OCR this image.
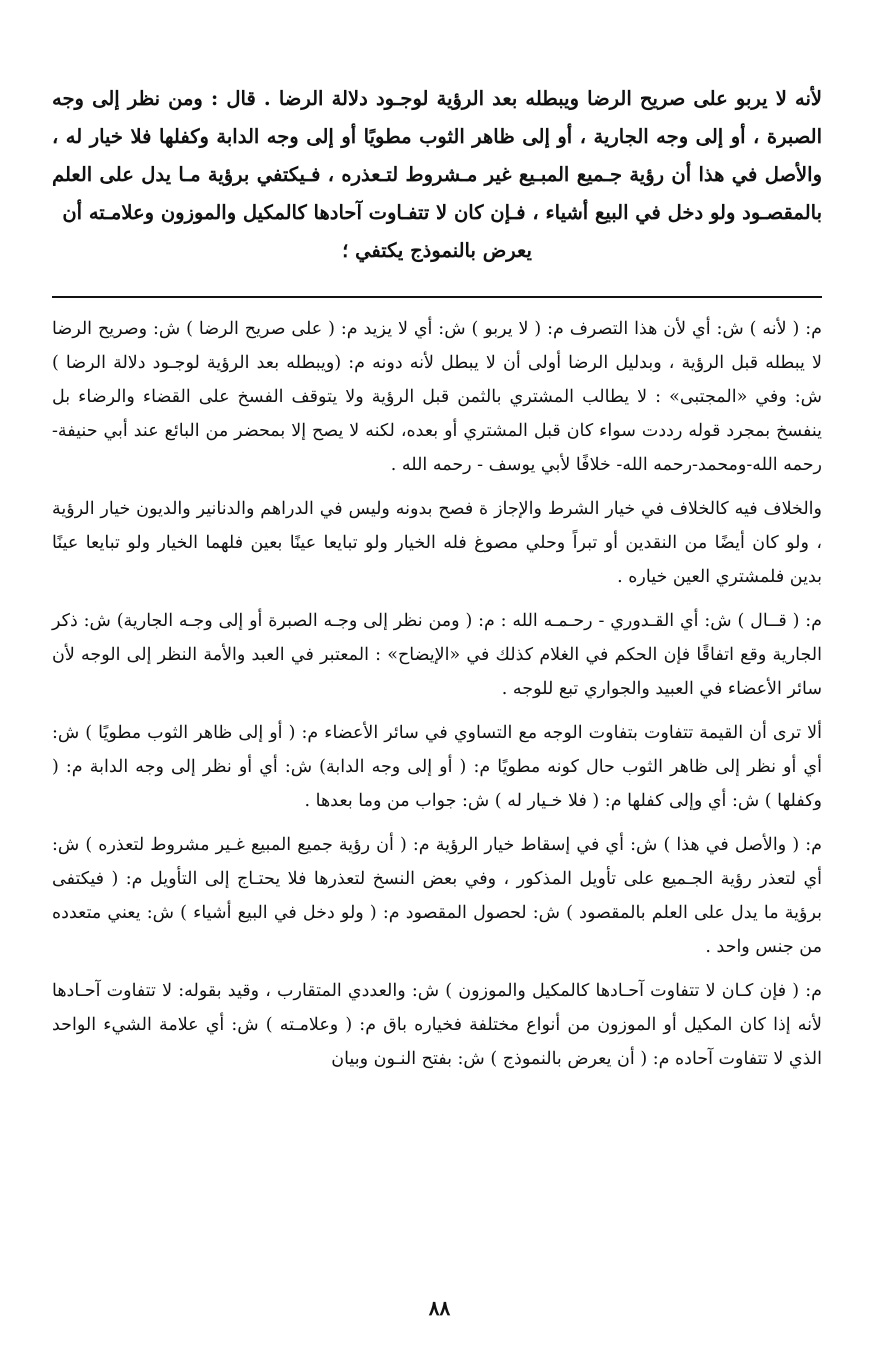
لأنه لا يربو على صريح الرضا ويبطله بعد الرؤية لوجـود دلالة الرضا . قال : ومن نظر إلى وجه الصبرة ، أو إلى وجه الجارية ، أو إلى ظاهر الثوب مطويًا أو إلى وجه الدابة وكفلها فلا خيار له ، والأصل في هذا أن رؤية جـميع المبـيع غير مـشروط لتـعذره ، فـيكتفي برؤية مـا يدل على العلم بالمقصـود ولو دخل في البيع أشياء ، فـإن كان لا تتفـاوت آحادها كالمكيل والموزون وعلامـته أن

يعرض بالنموذج يكتفي ؛

م: ( لأنه ) ش: أي لأن هذا التصرف م: ( لا يربو ) ش: أي لا يزيد م: ( على صريح الرضا ) ش: وصريح الرضا لا يبطله قبل الرؤية ، وبدليل الرضا أولى أن لا يبطل لأنه دونه م: (ويبطله بعد الرؤية لوجـود دلالة الرضا ) ش: وفي «المجتبى» : لا يطالب المشتري بالثمن قبل الرؤية ولا يتوقف الفسخ على القضاء والرضاء بل ينفسخ بمجرد قوله رددت سواء كان قبل المشتري أو بعده، لكنه لا يصح إلا بمحضر من البائع عند أبي حنيفة-رحمه الله-ومحمد-رحمه الله- خلافًا لأبي يوسف - رحمه الله .

والخلاف فيه كالخلاف في خيار الشرط والإجاز ة فصح بدونه وليس في الدراهم والدنانير والديون خيار الرؤية ، ولو كان أيضًا من النقدين أو تبراً وحلي مصوغ فله الخيار ولو تبايعا عينًا بعين فلهما الخيار ولو تبايعا عينًا بدين فلمشتري العين خياره .

م: ( قــال ) ش: أي القـدوري - رحـمـه الله : م: ( ومن نظر إلى وجـه الصبرة أو إلى وجـه الجارية) ش: ذكر الجارية وقع اتفاقًا فإن الحكم في الغلام كذلك في «الإيضاح» : المعتبر في العبد والأمة النظر إلى الوجه لأن سائر الأعضاء في العبيد والجواري تبع للوجه .

ألا ترى أن القيمة تتفاوت بتفاوت الوجه مع التساوي في سائر الأعضاء م: ( أو إلى ظاهر الثوب مطويًا ) ش: أي أو نظر إلى ظاهر الثوب حال كونه مطويًا م: ( أو إلى وجه الدابة) ش: أي أو نظر إلى وجه الدابة م: ( وكفلها ) ش: أي وإلى كفلها م: ( فلا خـيار له ) ش: جواب من وما بعدها .

م: ( والأصل في هذا ) ش: أي في إسقاط خيار الرؤية م: ( أن رؤية جميع المبيع غـير مشروط لتعذره ) ش: أي لتعذر رؤية الجـميع على تأويل المذكور ، وفي بعض النسخ لتعذرها فلا يحتـاج إلى التأويل م: ( فيكتفى برؤية ما يدل على العلم بالمقصود ) ش: لحصول المقصود م: ( ولو دخل في البيع أشياء ) ش: يعني متعدده من جنس واحد .

م: ( فإن كـان لا تتفاوت آحـادها كالمكيل والموزون ) ش: والعددي المتقارب ، وقيد بقوله: لا تتفاوت آحـادها لأنه إذا كان المكيل أو الموزون من أنواع مختلفة فخياره باق م: ( وعلامـته ) ش: أي علامة الشيء الواحد الذي لا تتفاوت آحاده م: ( أن يعرض بالنموذج ) ش: بفتح النـون وبيان

٨٨
